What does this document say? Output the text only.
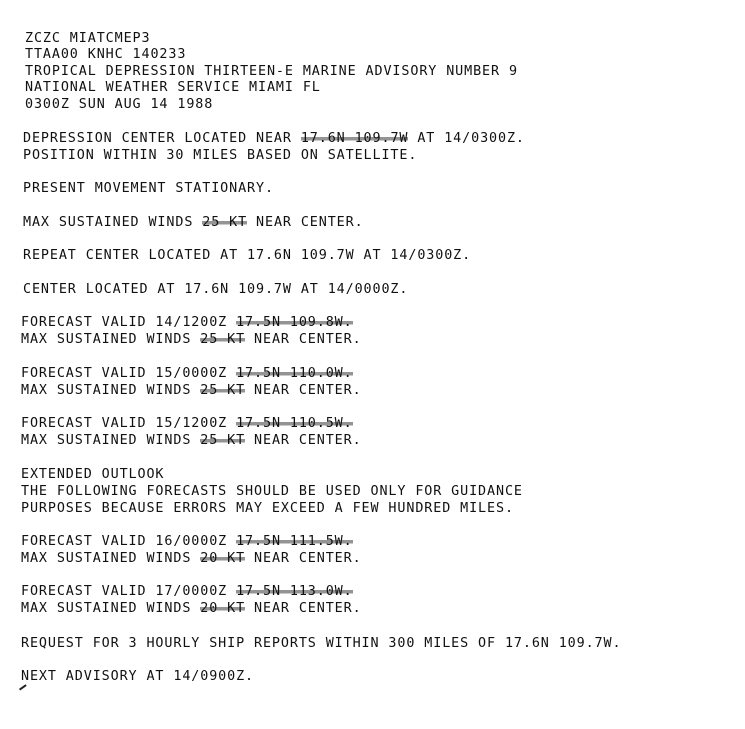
ZCZC MIATCMEP3
TTAA00 KNHC 140233
TROPICAL DEPRESSION THIRTEEN-E MARINE ADVISORY NUMBER 9
NATIONAL WEATHER SERVICE MIAMI FL
0300Z SUN AUG 14 1988
DEPRESSION CENTER LOCATED NEAR 17.6N 109.7W AT 14/0300Z.
POSITION WITHIN 30 MILES BASED ON SATELLITE.
PRESENT MOVEMENT STATIONARY.
MAX SUSTAINED WINDS 25 KT NEAR CENTER.
REPEAT CENTER LOCATED AT 17.6N 109.7W AT 14/0300Z.
CENTER LOCATED AT 17.6N 109.7W AT 14/0000Z.
FORECAST VALID 14/1200Z 17.5N 109.8W.
MAX SUSTAINED WINDS 25 KT NEAR CENTER.
FORECAST VALID 15/0000Z 17.5N 110.0W.
MAX SUSTAINED WINDS 25 KT NEAR CENTER.
FORECAST VALID 15/1200Z 17.5N 110.5W.
MAX SUSTAINED WINDS 25 KT NEAR CENTER.
EXTENDED OUTLOOK
THE FOLLOWING FORECASTS SHOULD BE USED ONLY FOR GUIDANCE
PURPOSES BECAUSE ERRORS MAY EXCEED A FEW HUNDRED MILES.
FORECAST VALID 16/0000Z 17.5N 111.5W.
MAX SUSTAINED WINDS 20 KT NEAR CENTER.
FORECAST VALID 17/0000Z 17.5N 113.0W.
MAX SUSTAINED WINDS 20 KT NEAR CENTER.
REQUEST FOR 3 HOURLY SHIP REPORTS WITHIN 300 MILES OF 17.6N 109.7W.
NEXT ADVISORY AT 14/0900Z.
